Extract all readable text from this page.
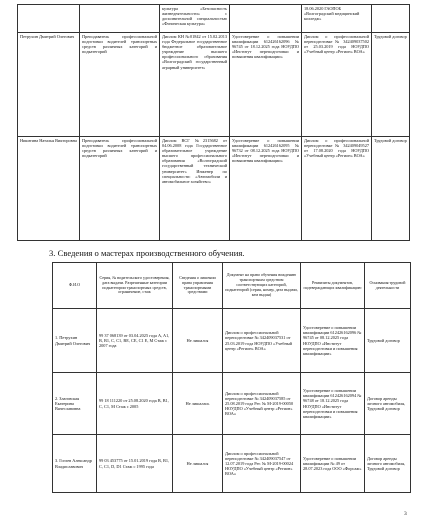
		культура «Безопасность жизнедеятельности» с дополнительной специальностью «Физическая культура»		18.06.2020 ГАОПОБ «Волгоградский медицинский колледж»	
Петрухин Дмитрий Олегович	Преподаватель профессиональной подготовки водителей транспортных средств различных категорий и подкатегорий	Диплом КН №01842 от 15.02.2013 года Федеральное государственное бюджетное образовательное учреждение высшего профессионального образования «Волгоградский государственный аграрный университет»	Удостоверение о повышении квалификации 612426162096 № 96745 от 18.12.2025 года НОУДПО «Институт переподготовки и повышения квалификации»	Диплом о профессиональной переподготовке № 342409037502 от 25.03.2019 года НОУДПО «Учебный центр «Регион» ВОА»	Трудовой договор
Никитина Наталья Викторовна	Преподаватель профессиональной подготовки водителей транспортных средств различных категорий и подкатегорий	Диплом ВСГ №2315682 от 04.06.2008 года Государственное образовательное учреждение высшего профессионального образования «Волгоградский государственный технический университет» Инженер по специальности: «Автомобили и автомобильное хозяйство»	Удостоверение о повышении квалификации 612426162095 № 96732 от 08.12.2025 года НОУДПО «Институт переподготовки и повышения квалификации»	Диплом о профессиональной переподготовке № 342409049527 от 17.08.2020 года НОУДПО «Учебный центр «Регион» ВОА»	Трудовой договор
3. Сведения о мастерах производственного обучения.
Ф.И.О	Серия, № водительского удостоверения, дата выдачи. Разрешенные категории подкатегории транспортных средств, ограничение, стаж	Сведения о лишении права управления транспортными средствами	Документ на право обучения вождению транспортным средством соответствующих категорий, подкатегорий (серия, номер, дата выдачи, кем выдан)	Реквизиты документов, подтверждающих квалификацию	Основания трудовой деятельности
1. Петрухин Дмитрий Олегович	99 37 068139 от 03.04.2025 года A, A1, B, B1, C, C1, BE, CE, C1 E, M Стаж с 2007 года	Не лишался	Диплом о профессиональной переподготовке № 342409037531 от 25.03.2019 года НОУДПО «Учебный центр «Регион» ВОА»	Удостоверение о повышении квалификации 612426162096 № 96745 от 08.12.2025 года НОУДПО «Институт переподготовки и повышения квалификации»	Трудовой договор
2. Злаговская Екатерина Вячеславовна	99 18 111220 от 25.08.2020 года B, B1, C, C1, M Стаж с 2005	Не лишалась	Диплом о профессиональной переподготовке № 342409037585 от 25.08.2019 года Рег. № М-2019-00050 НОУДПО «Учебный центр «Регион» ВОА»	Удостоверение о повышении квалификации 612426162094 № 96748 от 18.12.2025 года НОУДПО «Институт переподготовки и повышения квалификации»	Договор аренды личного автомобиля, Трудовой договор
3. Гоглев Александр Владиславович	99 03 453775 от 15.01.2019 года B, B1, C, C1, D, D1 Стаж с 1995 года	Не лишался	Диплом о профессиональной переподготовке № 342409037547 от 12.07.2019 года Рег. № М-2019-00024 НОУДПО «Учебный центр «Регион» ВОА»	Удостоверение о повышении квалификации № 49 от 28.07.2023 года ООО «Форсаж»	Договор аренды личного автомобиля, Трудовой договор
3
